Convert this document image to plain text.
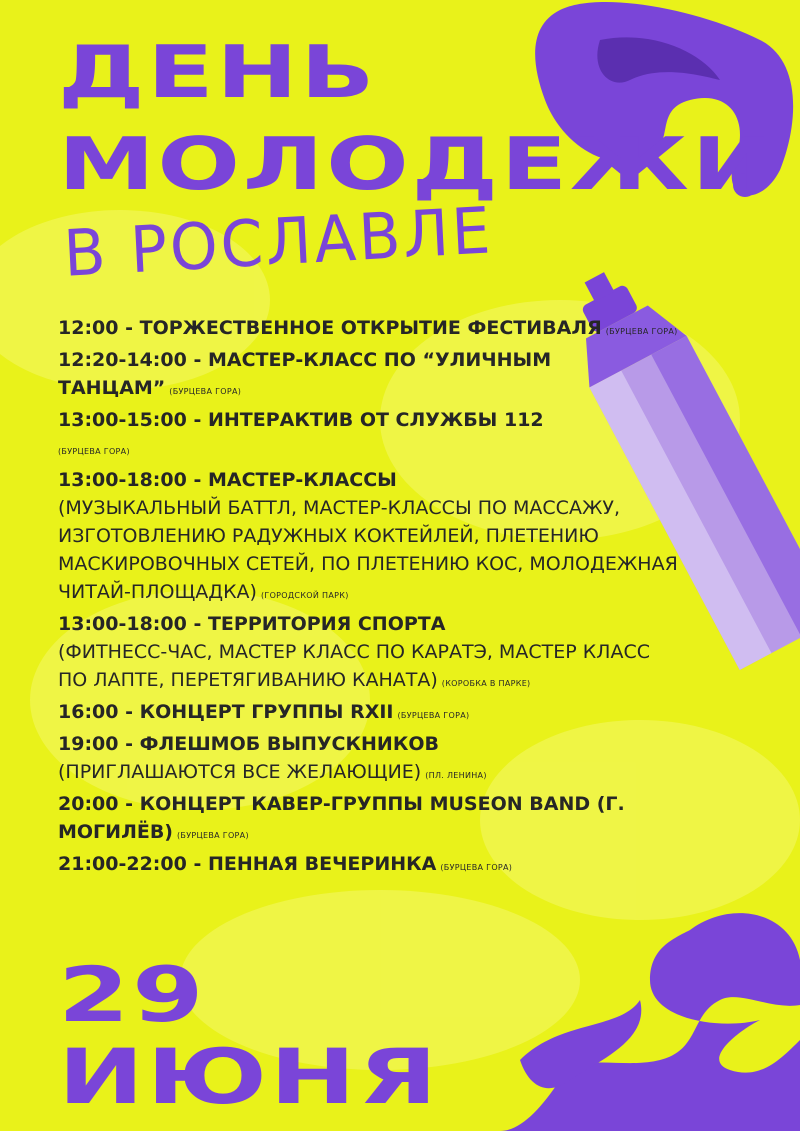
ДЕНЬ
МОЛОДЕЖИ
В РОСЛАВЛЕ

12:00 - ТОРЖЕСТВЕННОЕ ОТКРЫТИЕ ФЕСТИВАЛЯ (БУРЦЕВА ГОРА)

12:20-14:00 - МАСТЕР-КЛАСС ПО “УЛИЧНЫМ ТАНЦАМ” (БУРЦЕВА ГОРА)

13:00-15:00 - ИНТЕРАКТИВ ОТ СЛУЖБЫ 112
(БУРЦЕВА ГОРА)

13:00-18:00 - МАСТЕР-КЛАССЫ
(МУЗЫКАЛЬНЫЙ БАТТЛ, МАСТЕР-КЛАССЫ ПО МАССАЖУ, ИЗГОТОВЛЕНИЮ РАДУЖНЫХ КОКТЕЙЛЕЙ, ПЛЕТЕНИЮ МАСКИРОВОЧНЫХ СЕТЕЙ, ПО ПЛЕТЕНИЮ КОС, МОЛОДЕЖНАЯ ЧИТАЙ-ПЛОЩАДКА) (ГОРОДСКОЙ ПАРК)

13:00-18:00 - ТЕРРИТОРИЯ СПОРТА
(ФИТНЕСС-ЧАС, МАСТЕР КЛАСС ПО КАРАТЭ, МАСТЕР КЛАСС ПО ЛАПТЕ, ПЕРЕТЯГИВАНИЮ КАНАТА) (КОРОБКА В ПАРКЕ)

16:00 - КОНЦЕРТ ГРУППЫ RXII (БУРЦЕВА ГОРА)

19:00 - ФЛЕШМОБ ВЫПУСКНИКОВ
(ПРИГЛАШАЮТСЯ ВСЕ ЖЕЛАЮЩИЕ) (ПЛ. ЛЕНИНА)

20:00 - КОНЦЕРТ КАВЕР-ГРУППЫ MUSEON BAND (Г. МОГИЛЁВ) (БУРЦЕВА ГОРА)

21:00-22:00 - ПЕННАЯ ВЕЧЕРИНКА (БУРЦЕВА ГОРА)

29
ИЮНЯ
